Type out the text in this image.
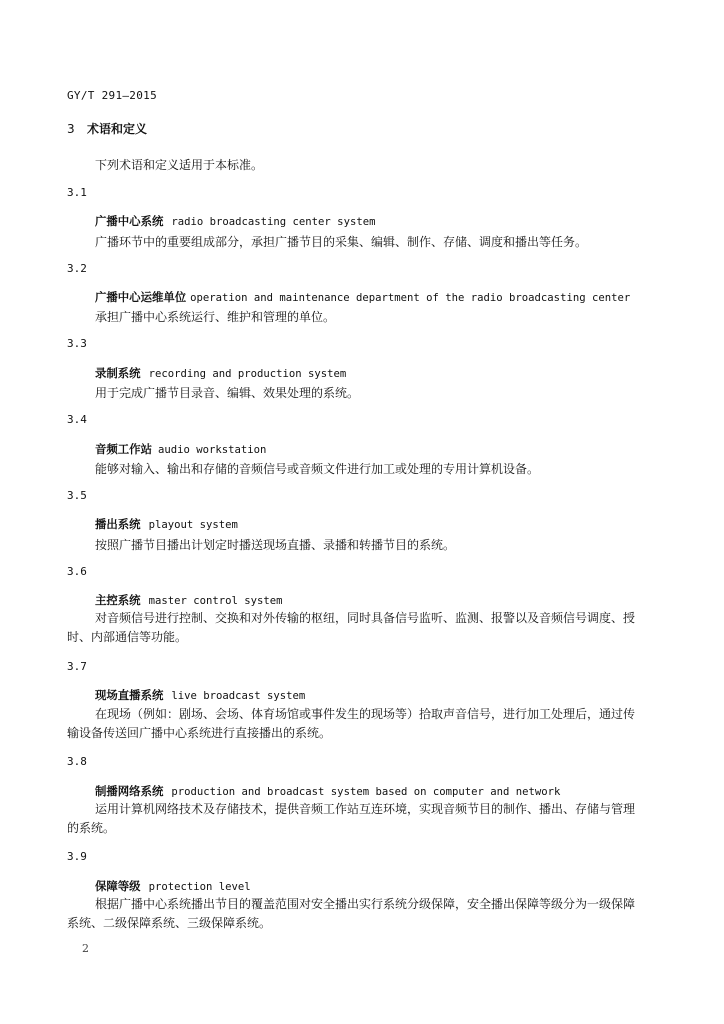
GY/T 291—2015
3 术语和定义
下列术语和定义适用于本标准。
3.1
广播中心系统 radio broadcasting center system
广播环节中的重要组成部分，承担广播节目的采集、编辑、制作、存储、调度和播出等任务。
3.2
广播中心运维单位 operation and maintenance department of the radio broadcasting center
承担广播中心系统运行、维护和管理的单位。
3.3
录制系统 recording and production system
用于完成广播节目录音、编辑、效果处理的系统。
3.4
音频工作站 audio workstation
能够对输入、输出和存储的音频信号或音频文件进行加工或处理的专用计算机设备。
3.5
播出系统 playout system
按照广播节目播出计划定时播送现场直播、录播和转播节目的系统。
3.6
主控系统 master control system
对音频信号进行控制、交换和对外传输的枢纽，同时具备信号监听、监测、报警以及音频信号调度、授时、内部通信等功能。
3.7
现场直播系统 live broadcast system
在现场（例如：剧场、会场、体育场馆或事件发生的现场等）拾取声音信号，进行加工处理后，通过传输设备传送回广播中心系统进行直接播出的系统。
3.8
制播网络系统 production and broadcast system based on computer and network
运用计算机网络技术及存储技术，提供音频工作站互连环境，实现音频节目的制作、播出、存储与管理的系统。
3.9
保障等级 protection level
根据广播中心系统播出节目的覆盖范围对安全播出实行系统分级保障，安全播出保障等级分为一级保障系统、二级保障系统、三级保障系统。
2
